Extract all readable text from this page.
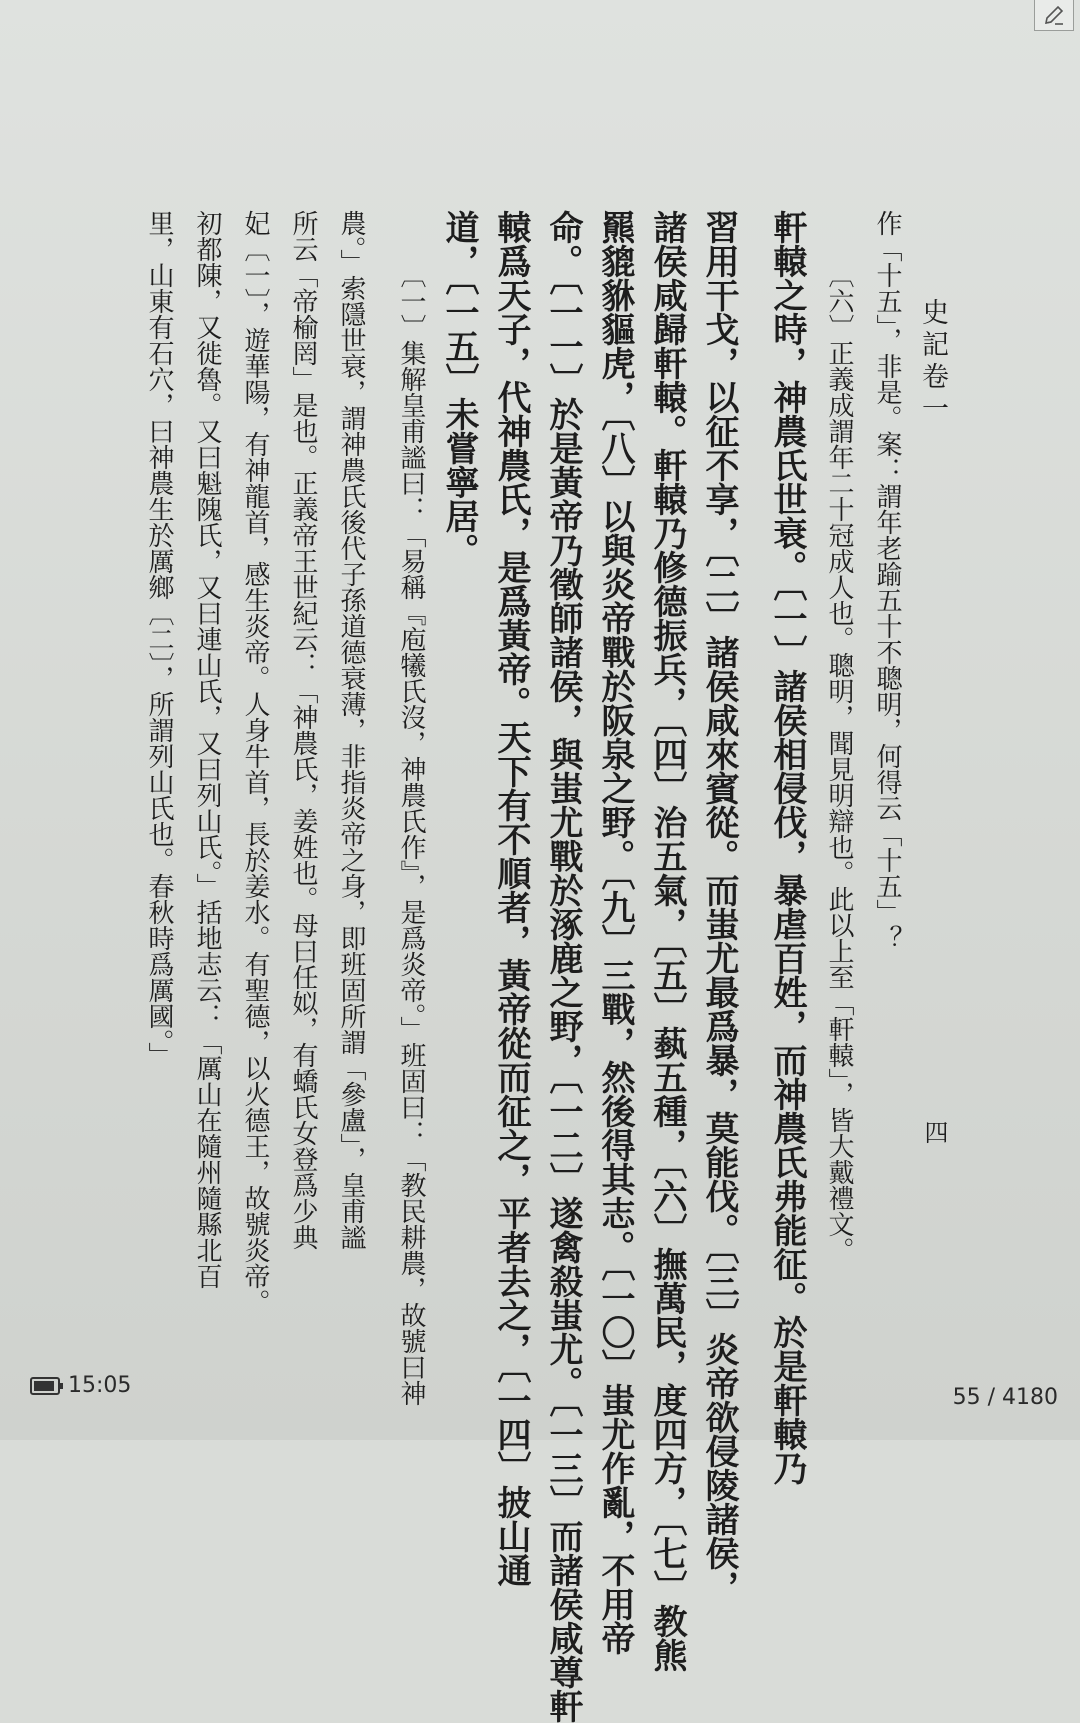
史記卷一
四
作「十五」，非是。案：謂年老踰五十不聰明，何得云「十五」？
〔六〕正義成謂年二十冠成人也。聰明，聞見明辯也。此以上至「軒轅」，皆大戴禮文。
軒轅之時，神農氏世衰。〔一〕諸侯相侵伐，暴虐百姓，而神農氏弗能征。於是軒轅乃
習用干戈，以征不享，〔二〕諸侯咸來賓從。而蚩尤最爲暴，莫能伐。〔三〕炎帝欲侵陵諸侯，
諸侯咸歸軒轅。軒轅乃修德振兵，〔四〕治五氣，〔五〕蓺五種，〔六〕撫萬民，度四方，〔七〕教熊
羆貔貅貙虎，〔八〕以與炎帝戰於阪泉之野。〔九〕三戰，然後得其志。〔一〇〕蚩尤作亂，不用帝
命。〔一一〕於是黃帝乃徵師諸侯，與蚩尤戰於涿鹿之野，〔一二〕遂禽殺蚩尤。〔一三〕而諸侯咸尊軒
轅爲天子，代神農氏，是爲黃帝。天下有不順者，黃帝從而征之，平者去之，〔一四〕披山通
道，〔一五〕未嘗寧居。
〔一〕集解皇甫謐曰：「易稱『庖犧氏沒，神農氏作』，是爲炎帝。」班固曰：「教民耕農，故號曰神
農。」索隱世衰，謂神農氏後代子孫道德衰薄，非指炎帝之身，即班固所謂「參盧」，皇甫謐
所云「帝榆罔」是也。正義帝王世紀云：「神農氏，姜姓也。母曰任姒，有蟜氏女登爲少典
妃〔一〕，遊華陽，有神龍首，感生炎帝。人身牛首，長於姜水。有聖德，以火德王，故號炎帝。
初都陳，又徙魯。又曰魁隗氏，又曰連山氏，又曰列山氏。」括地志云：「厲山在隨州隨縣北百
里，山東有石穴，曰神農生於厲鄉〔二〕，所謂列山氏也。春秋時爲厲國。」
15:05	55 / 4180
